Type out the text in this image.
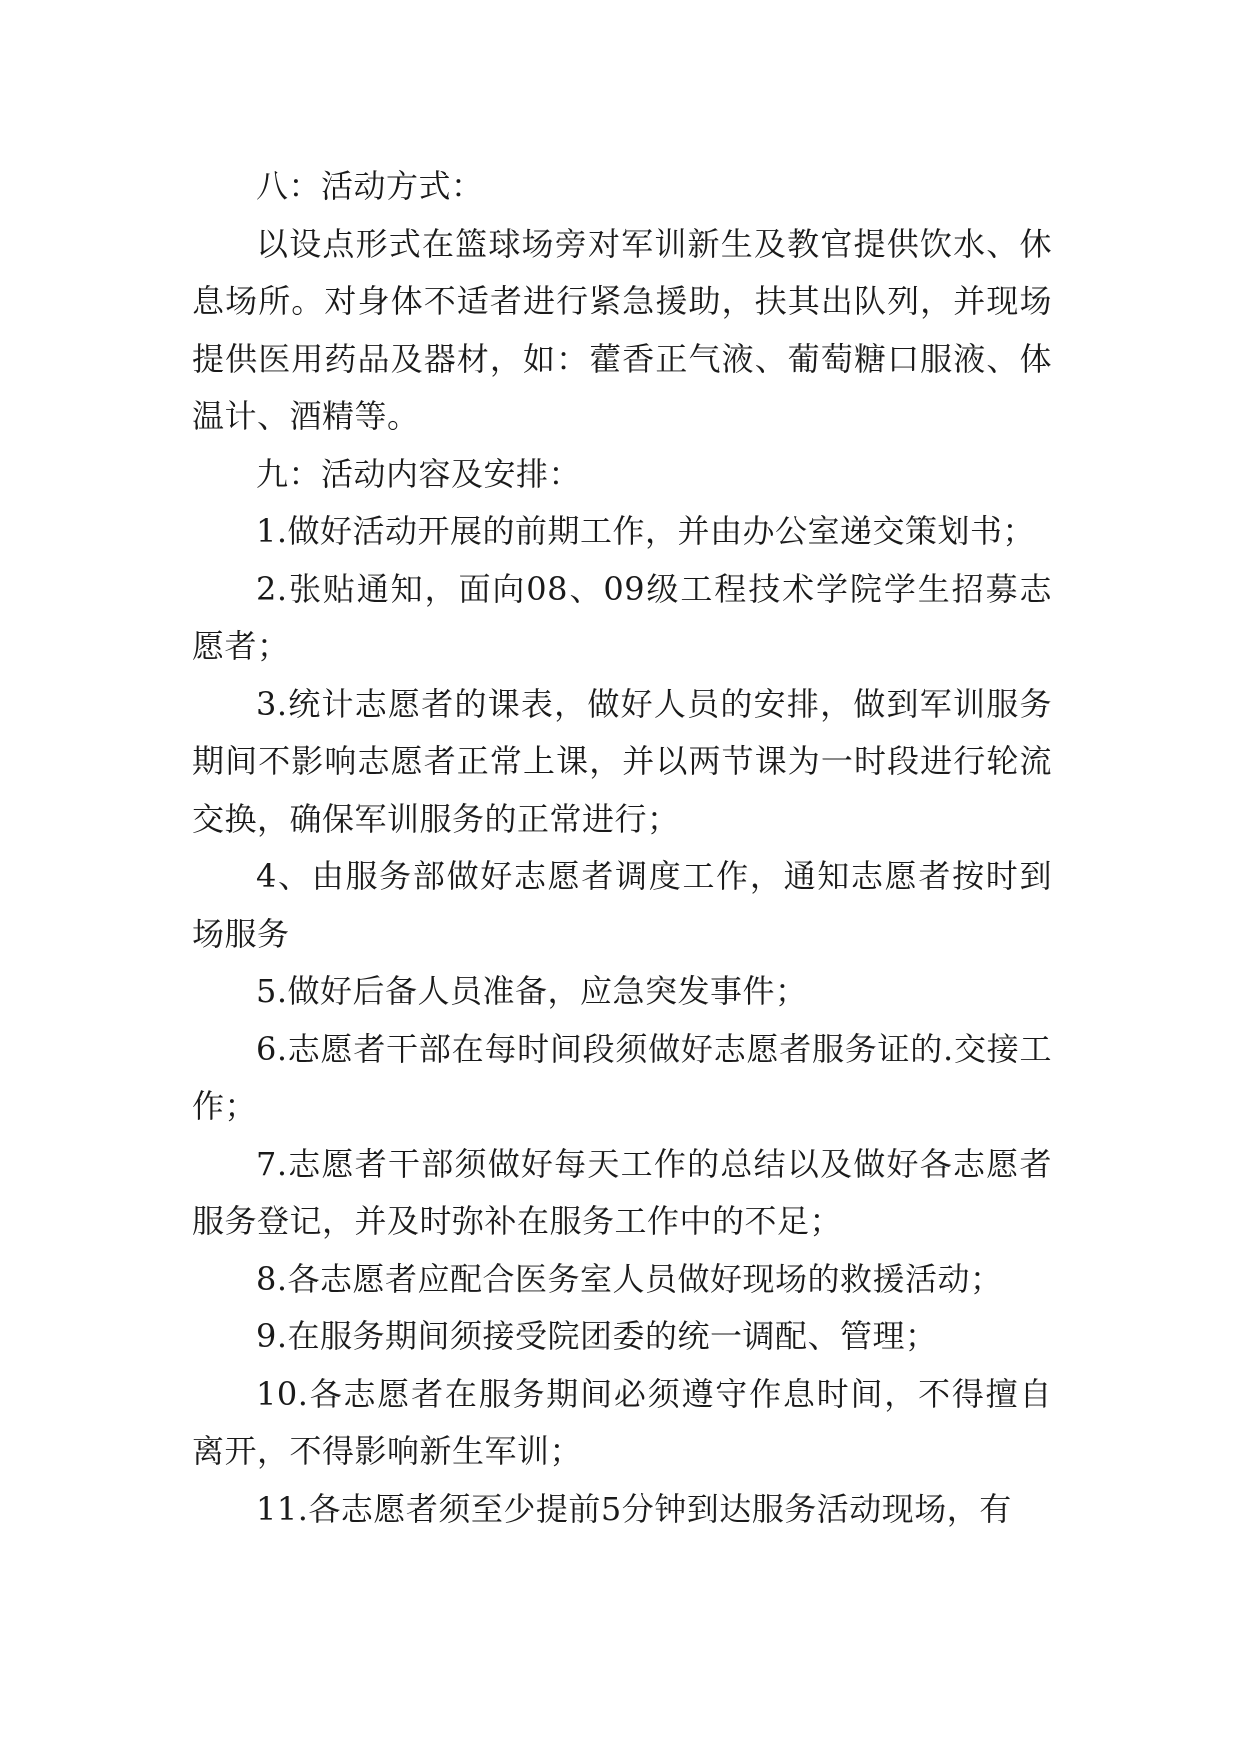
八：活动方式：

以设点形式在篮球场旁对军训新生及教官提供饮水、休息场所。对身体不适者进行紧急援助，扶其出队列，并现场提供医用药品及器材，如：藿香正气液、葡萄糖口服液、体温计、酒精等。

九：活动内容及安排：

1.做好活动开展的前期工作，并由办公室递交策划书；

2.张贴通知，面向08、09级工程技术学院学生招募志愿者；

3.统计志愿者的课表，做好人员的安排，做到军训服务期间不影响志愿者正常上课，并以两节课为一时段进行轮流交换，确保军训服务的正常进行；

4、由服务部做好志愿者调度工作，通知志愿者按时到场服务

5.做好后备人员准备，应急突发事件；

6.志愿者干部在每时间段须做好志愿者服务证的.交接工作；

7.志愿者干部须做好每天工作的总结以及做好各志愿者服务登记，并及时弥补在服务工作中的不足；

8.各志愿者应配合医务室人员做好现场的救援活动；

9.在服务期间须接受院团委的统一调配、管理；

10.各志愿者在服务期间必须遵守作息时间，不得擅自离开，不得影响新生军训；

11.各志愿者须至少提前5分钟到达服务活动现场，有
